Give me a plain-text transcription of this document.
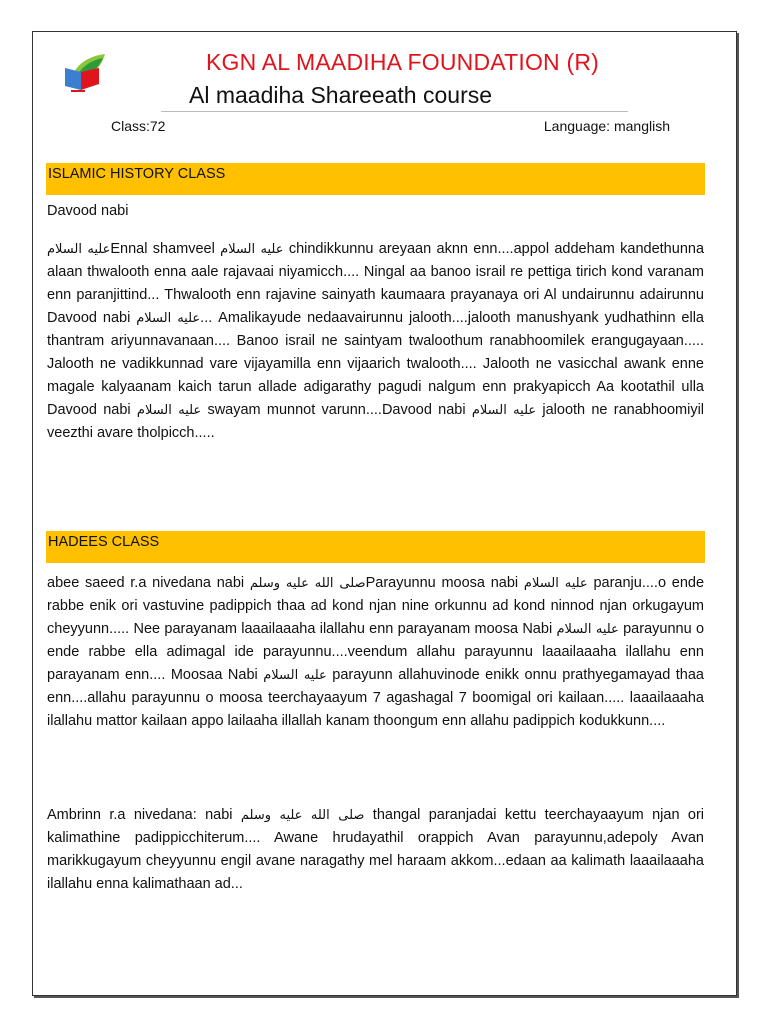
KGN AL MAADIHA FOUNDATION (R)
Al maadiha Shareeath course
Class:72	Language: manglish
ISLAMIC HISTORY CLASS
Davood nabi

عليه السلامEnnal shamveel عليه السلام chindikkunnu areyaan aknn enn....appol addeham kandethunna alaan thwalooth enna aale rajavaai niyamicch.... Ningal aa banoo israil re pettiga tirich kond varanam enn paranjittind... Thwalooth enn rajavine sainyath kaumaara prayanaya ori Al undairunnu adairunnu Davood nabi عليه السلام... Amalikayude nedaavairunnu jalooth....jalooth manushyank yudhathinn ella thantram ariyunnavanaan.... Banoo israil ne saintyam twaloothum ranabhoomilek erangugayaan..... Jalooth ne vadikkunnad vare vijayamilla enn vijaarich twalooth.... Jalooth ne vasicchal awank enne magale kalyaanam kaich tarun allade adigarathy pagudi nalgum enn prakyapicch Aa kootathil ulla Davood nabi عليه السلام swayam munnot varunn....Davood nabi عليه السلام jalooth ne ranabhoomiyil veezthi avare tholpicch.....

HADEES CLASS

abee saeed r.a nivedana nabi صلى الله عليه وسلمParayunnu moosa nabi عليه السلام paranju....o ende rabbe enik ori vastuvine padippich thaa ad kond njan nine orkunnu ad kond ninnod njan orkugayum cheyyunn..... Nee parayanam laaailaaaha ilallahu enn parayanam moosa Nabi عليه السلام parayunnu o ende rabbe ella adimagal ide parayunnu....veendum allahu parayunnu laaailaaaha ilallahu enn parayanam enn.... Moosaa Nabi عليه السلام parayunn allahuvinode enikk onnu prathyegamayad thaa enn....allahu parayunnu o moosa teerchayaayum 7 agashagal 7 boomigal ori kailaan..... laaailaaaha ilallahu mattor kailaan appo lailaaha illallah kanam thoongum enn allahu padippich kodukkunn....

Ambrinn r.a nivedana: nabi صلى الله عليه وسلم thangal paranjadai kettu teerchayaayum njan ori kalimathine padippicchiterum.... Awane hrudayathil orappich Avan parayunnu,adepoly Avan marikkugayum cheyyunnu engil avane naragathy mel haraam akkom...edaan aa kalimath laaailaaaha ilallahu enna kalimathaan ad...
